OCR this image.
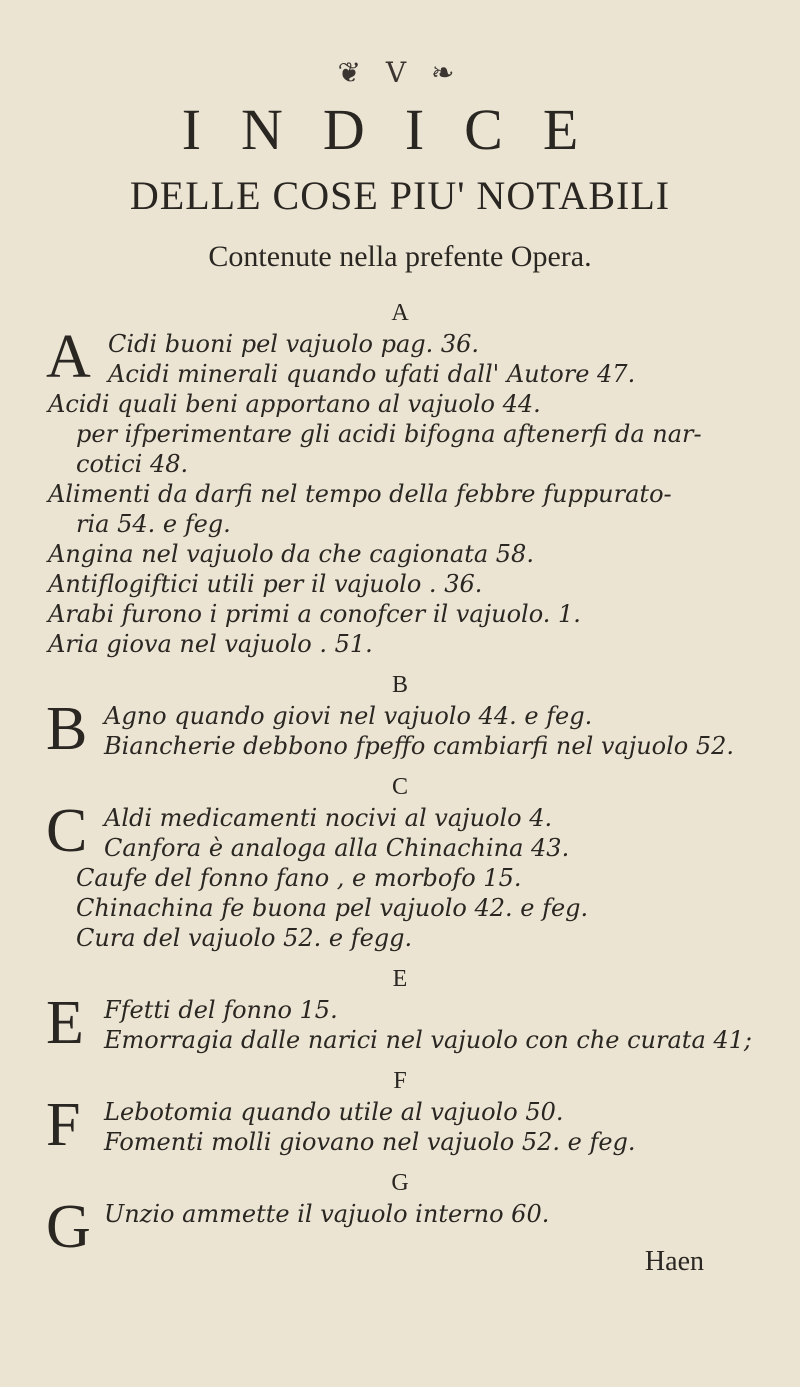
❦ V ❧
INDICE
DELLE COSE PIU' NOTABILI
Contenute nella prefente Opera.
A
A Cidi buoni pel vajuolo pag. 36.
Acidi minerali quando ufati dall' Autore 47.
Acidi quali beni apportano al vajuolo 44.
per ifperimentare gli acidi bifogna aftenerfi da nar-
cotici 48.
Alimenti da darfi nel tempo della febbre fuppurato-
ria 54. e feg.
Angina nel vajuolo da che cagionata 58.
Antiflogiftici utili per il vajuolo . 36.
Arabi furono i primi a conofcer il vajuolo. 1.
Aria giova nel vajuolo . 51.
B
B Agno quando giovi nel vajuolo 44. e feg.
Biancherie debbono fpeffo cambiarfi nel vajuolo 52.
C
C Aldi medicamenti nocivi al vajuolo 4.
Canfora è analoga alla Chinachina 43.
Caufe del fonno fano , e morbofo 15.
Chinachina fe buona pel vajuolo 42. e feg.
Cura del vajuolo 52. e fegg.
E
E Ffetti del fonno 15.
Emorragia dalle narici nel vajuolo con che curata 41;
F
F Lebotomia quando utile al vajuolo 50.
Fomenti molli giovano nel vajuolo 52. e feg.
G
G Unzio ammette il vajuolo interno 60.
Haen
